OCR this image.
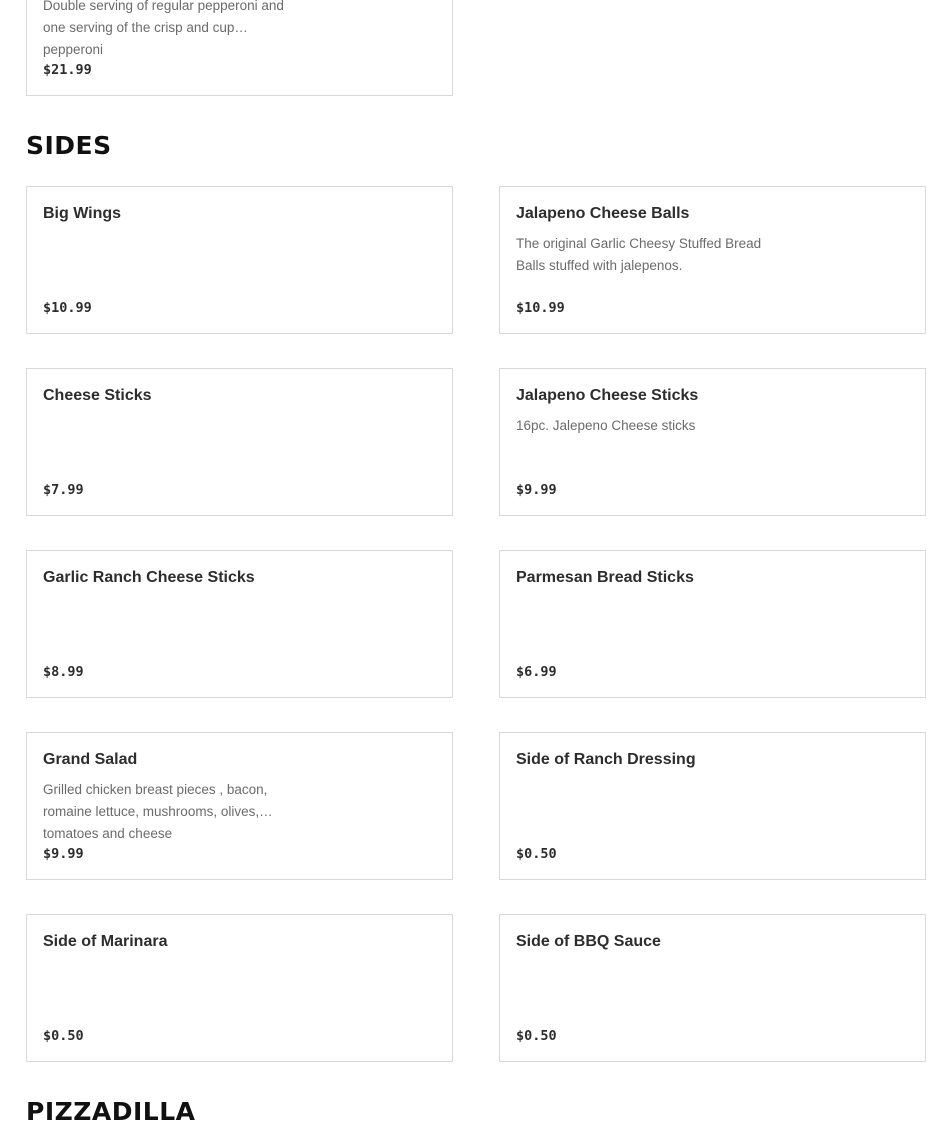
Double serving of regular pepperoni and one serving of the crisp and cup pepperoni
$21.99
SIDES
Big Wings
$10.99
Jalapeno Cheese Balls
The original Garlic Cheesy Stuffed Bread Balls stuffed with jalepenos.
$10.99
Cheese Sticks
$7.99
Jalapeno Cheese Sticks
16pc. Jalepeno Cheese sticks
$9.99
Garlic Ranch Cheese Sticks
$8.99
Parmesan Bread Sticks
$6.99
Grand Salad
Grilled chicken breast pieces , bacon, romaine lettuce, mushrooms, olives, tomatoes and cheese
$9.99
Side of Ranch Dressing
$0.50
Side of Marinara
$0.50
Side of BBQ Sauce
$0.50
PIZZADILLA
